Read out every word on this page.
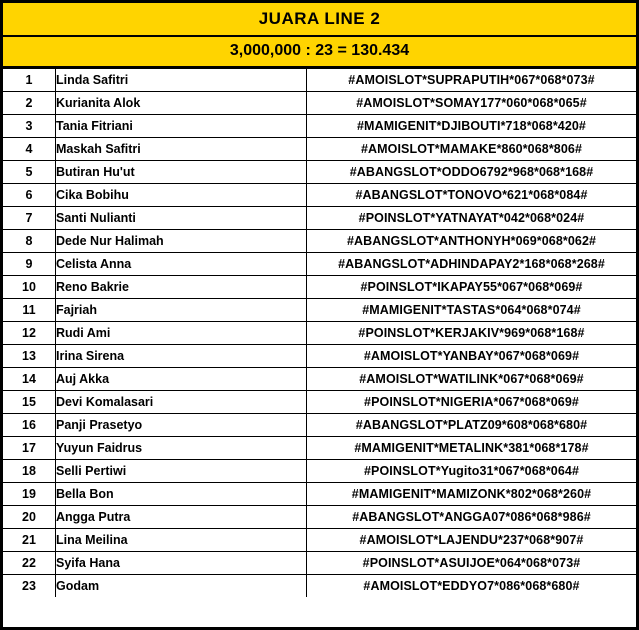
JUARA LINE 2
3,000,000 : 23 = 130.434
1	Linda Safitri	#AMOISLOT*SUPRAPUTIH*067*068*073#
2	Kurianita Alok	#AMOISLOT*SOMAY177*060*068*065#
3	Tania Fitriani	#MAMIGENIT*DJIBOUTI*718*068*420#
4	Maskah Safitri	#AMOISLOT*MAMAKE*860*068*806#
5	Butiran Hu'ut	#ABANGSLOT*ODDO6792*968*068*168#
6	Cika Bobihu	#ABANGSLOT*TONOVO*621*068*084#
7	Santi Nulianti	#POINSLOT*YATNAYAT*042*068*024#
8	Dede Nur Halimah	#ABANGSLOT*ANTHONYH*069*068*062#
9	Celista Anna	#ABANGSLOT*ADHINDAPAY2*168*068*268#
10	Reno Bakrie	#POINSLOT*IKAPAY55*067*068*069#
11	Fajriah	#MAMIGENIT*TASTAS*064*068*074#
12	Rudi Ami	#POINSLOT*KERJAKIV*969*068*168#
13	Irina Sirena	#AMOISLOT*YANBAY*067*068*069#
14	Auj Akka	#AMOISLOT*WATILINK*067*068*069#
15	Devi Komalasari	#POINSLOT*NIGERIA*067*068*069#
16	Panji Prasetyo	#ABANGSLOT*PLATZ09*608*068*680#
17	Yuyun Faidrus	#MAMIGENIT*METALINK*381*068*178#
18	Selli Pertiwi	#POINSLOT*Yugito31*067*068*064#
19	Bella Bon	#MAMIGENIT*MAMIZONK*802*068*260#
20	Angga Putra	#ABANGSLOT*ANGGA07*086*068*986#
21	Lina Meilina	#AMOISLOT*LAJENDU*237*068*907#
22	Syifa Hana	#POINSLOT*ASUIJOE*064*068*073#
23	Godam	#AMOISLOT*EDDYO7*086*068*680#
